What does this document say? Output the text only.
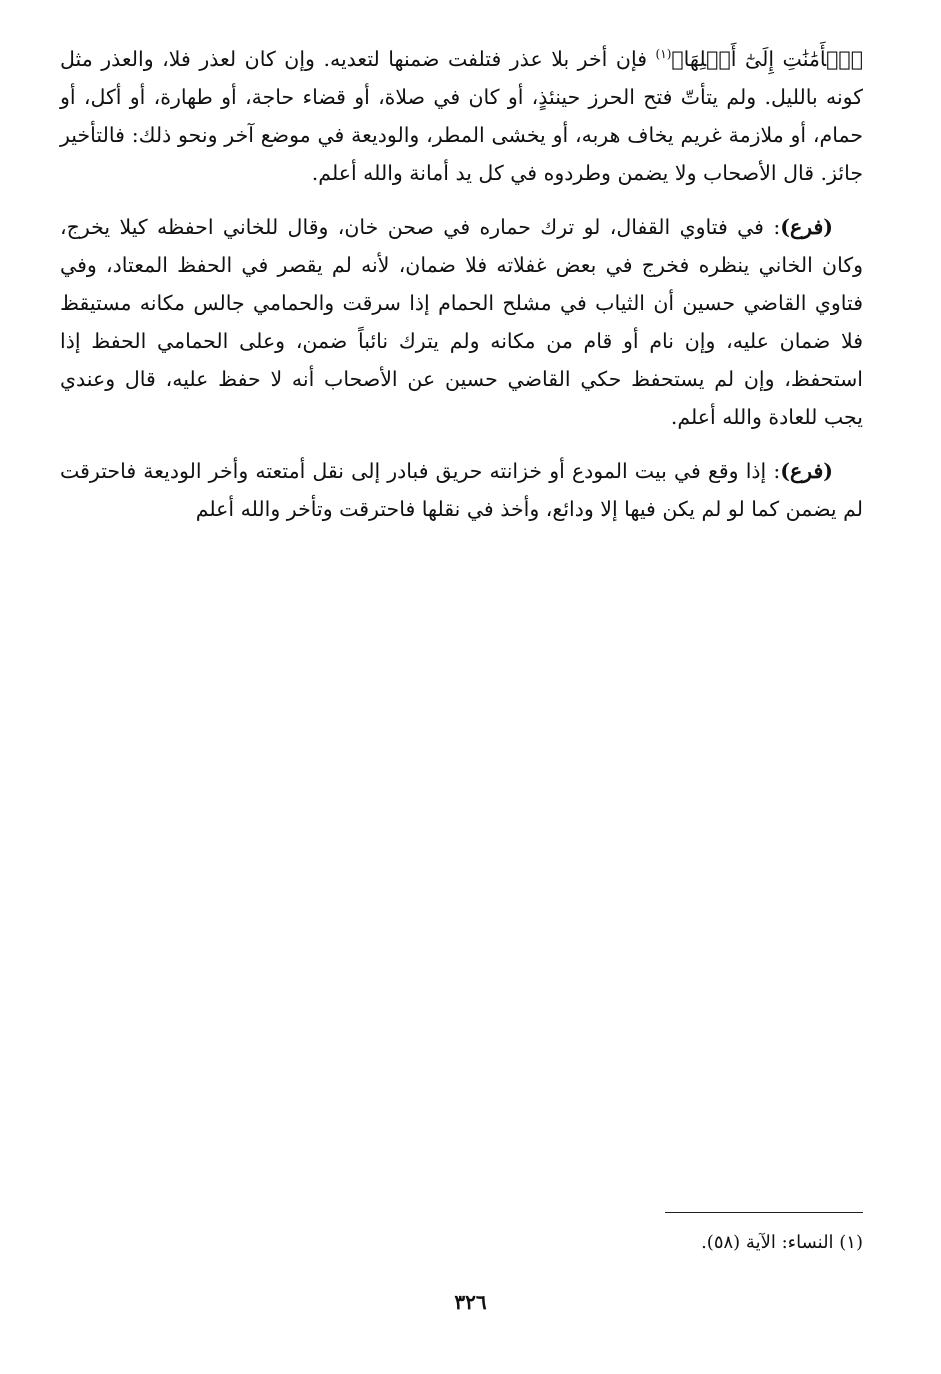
ٱلۡأَمَٰنَٰتِ إِلَىٰٓ أَهۡلِهَا﴾$^{(١)}$ فإن أخر بلا عذر فتلفت ضمنها لتعديه. وإن كان لعذر فلا، والعذر مثل كونه بالليل. ولم يتأتّ فتح الحرز حينئذٍ، أو كان في صلاة، أو قضاء حاجة، أو طهارة، أو أكل، أو حمام، أو ملازمة غريم يخاف هربه، أو يخشى المطر، والوديعة في موضع آخر ونحو ذلك: فالتأخير جائز. قال الأصحاب ولا يضمن وطردوه في كل يد أمانة والله أعلم.

(فرع): في فتاوي القفال، لو ترك حماره في صحن خان، وقال للخاني احفظه كيلا يخرج، وكان الخاني ينظره فخرج في بعض غفلاته فلا ضمان، لأنه لم يقصر في الحفظ المعتاد، وفي فتاوي القاضي حسين أن الثياب في مشلح الحمام إذا سرقت والحمامي جالس مكانه مستيقظ فلا ضمان عليه، وإن نام أو قام من مكانه ولم يترك نائباً ضمن، وعلى الحمامي الحفظ إذا استحفظ، وإن لم يستحفظ حكي القاضي حسين عن الأصحاب أنه لا حفظ عليه، قال وعندي يجب للعادة والله أعلم.

(فرع): إذا وقع في بيت المودع أو خزانته حريق فبادر إلى نقل أمتعته وأخر الوديعة فاحترقت لم يضمن كما لو لم يكن فيها إلا ودائع، وأخذ في نقلها فاحترقت وتأخر والله أعلم

(١) النساء: الآية (٥٨).
٣٢٦
